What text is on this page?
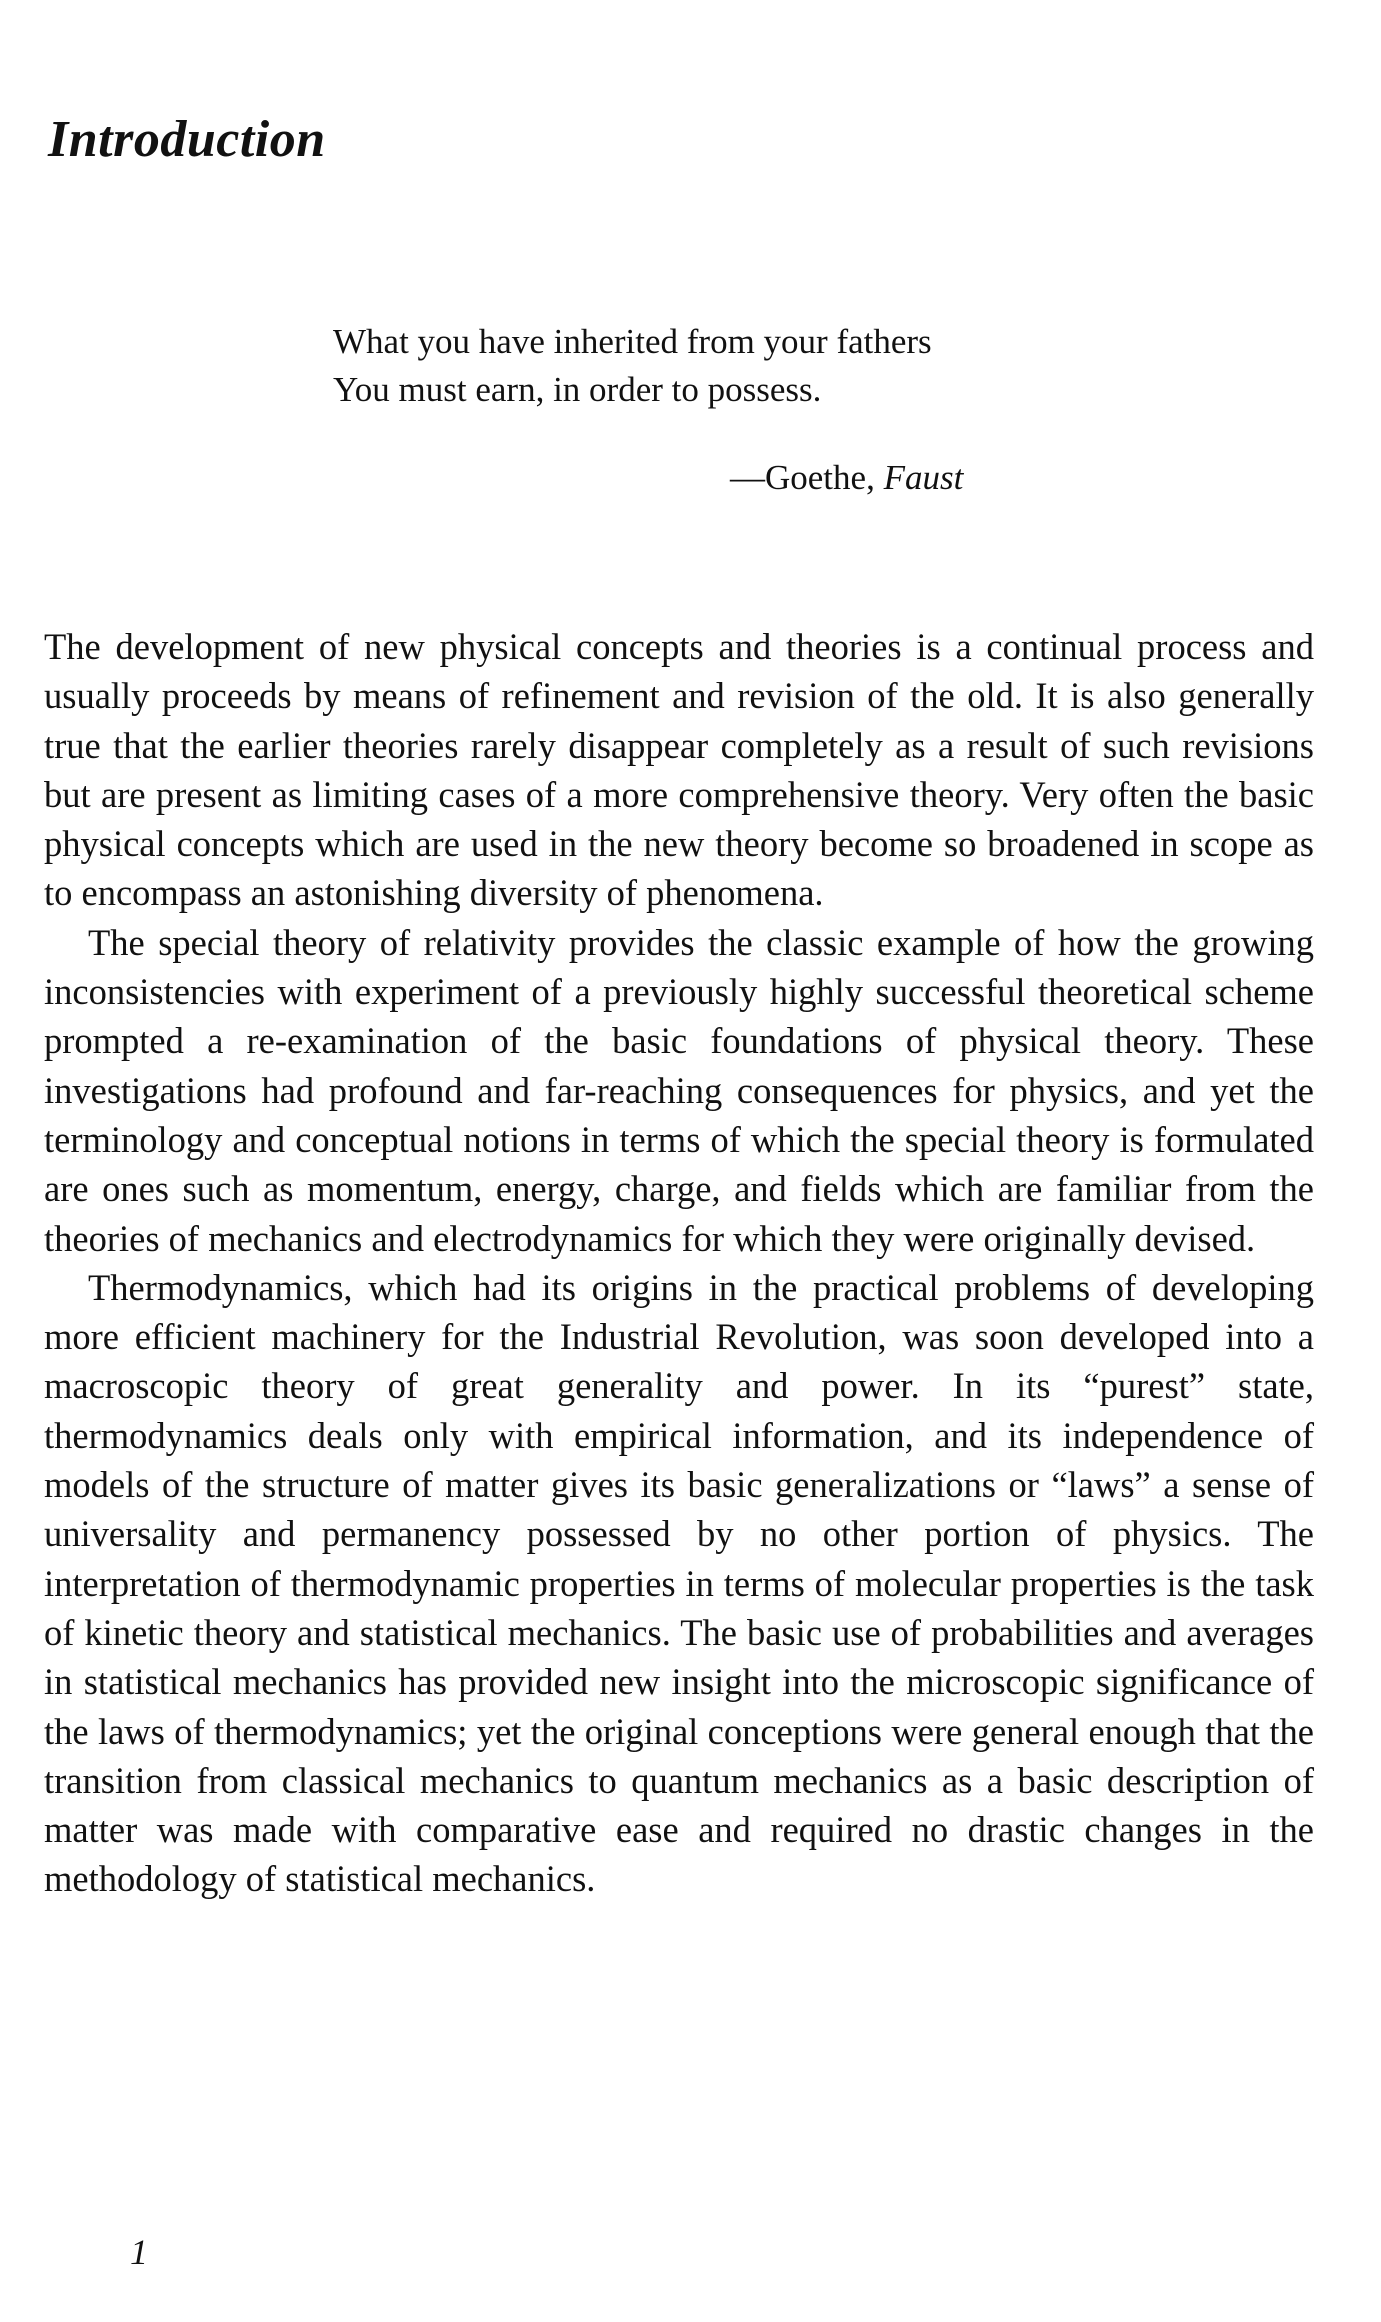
Introduction
What you have inherited from your fathers
You must earn, in order to possess.
—Goethe, Faust

The development of new physical concepts and theories is a continual process and usually proceeds by means of refinement and revision of the old. It is also generally true that the earlier theories rarely disappear completely as a result of such revisions but are present as limiting cases of a more comprehensive theory. Very often the basic physical concepts which are used in the new theory become so broadened in scope as to encompass an astonishing diversity of phenomena.

The special theory of relativity provides the classic example of how the growing inconsistencies with experiment of a previously highly successful theoretical scheme prompted a re-examination of the basic foundations of physical theory. These investigations had profound and far-reaching consequences for physics, and yet the terminology and conceptual notions in terms of which the special theory is formulated are ones such as momentum, energy, charge, and fields which are familiar from the theories of mechanics and electrodynamics for which they were originally devised.

Thermodynamics, which had its origins in the practical problems of developing more efficient machinery for the Industrial Revolution, was soon developed into a macroscopic theory of great generality and power. In its “purest” state, thermodynamics deals only with empirical information, and its independence of models of the structure of matter gives its basic generalizations or “laws” a sense of universality and permanency possessed by no other portion of physics. The interpretation of thermodynamic properties in terms of molecular properties is the task of kinetic theory and statistical mechanics. The basic use of probabilities and averages in statistical mechanics has provided new insight into the microscopic significance of the laws of thermodynamics; yet the original conceptions were general enough that the transition from classical mechanics to quantum mechanics as a basic description of matter was made with comparative ease and required no drastic changes in the methodology of statistical mechanics.

1
